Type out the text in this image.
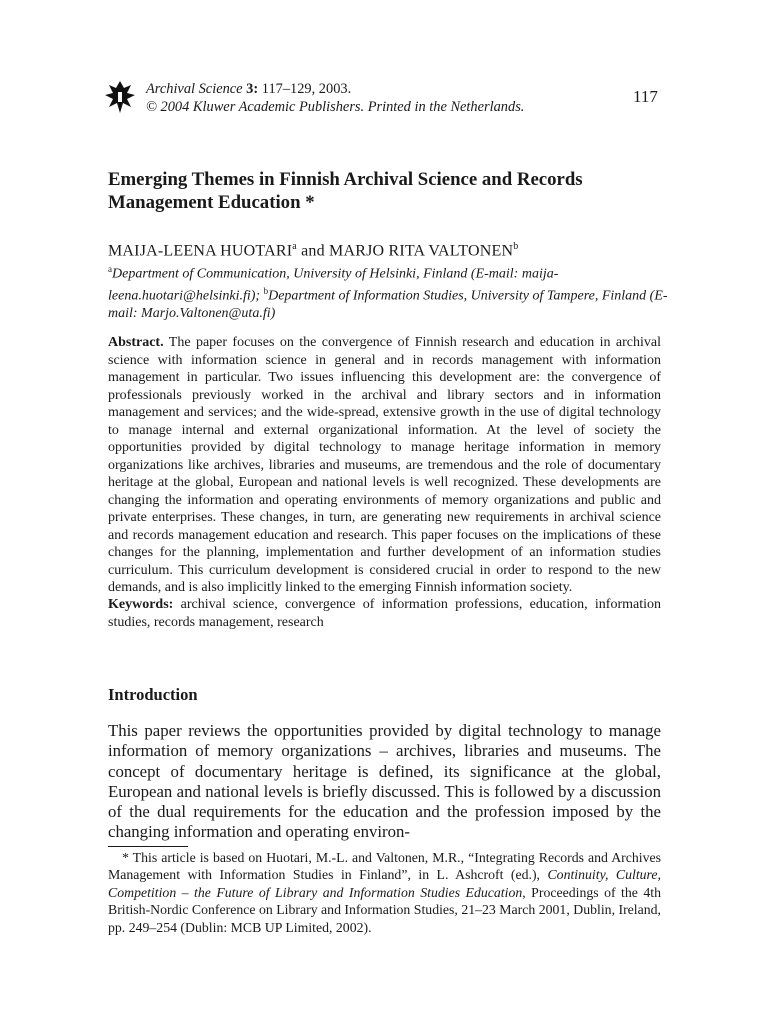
Archival Science 3: 117–129, 2003.
© 2004 Kluwer Academic Publishers. Printed in the Netherlands.
117
Emerging Themes in Finnish Archival Science and Records Management Education *
MAIJA-LEENA HUOTARI$^a$ and MARJO RITA VALTONEN$^b$
$^a$Department of Communication, University of Helsinki, Finland (E-mail: maija-leena.huotari@helsinki.fi); $^b$Department of Information Studies, University of Tampere, Finland (E-mail: Marjo.Valtonen@uta.fi)
Abstract. The paper focuses on the convergence of Finnish research and education in archival science with information science in general and in records management with information management in particular. Two issues influencing this development are: the convergence of professionals previously worked in the archival and library sectors and in information management and services; and the wide-spread, extensive growth in the use of digital technology to manage internal and external organizational information. At the level of society the opportunities provided by digital technology to manage heritage information in memory organizations like archives, libraries and museums, are tremendous and the role of documentary heritage at the global, European and national levels is well recognized. These developments are changing the information and operating environments of memory organizations and public and private enterprises. These changes, in turn, are generating new requirements in archival science and records management education and research. This paper focuses on the implications of these changes for the planning, implementation and further development of an information studies curriculum. This curriculum development is considered crucial in order to respond to the new demands, and is also implicitly linked to the emerging Finnish information society.
Keywords: archival science, convergence of information professions, education, information studies, records management, research
Introduction
This paper reviews the opportunities provided by digital technology to manage information of memory organizations – archives, libraries and museums. The concept of documentary heritage is defined, its significance at the global, European and national levels is briefly discussed. This is followed by a discussion of the dual requirements for the education and the profession imposed by the changing information and operating environ-
* This article is based on Huotari, M.-L. and Valtonen, M.R., “Integrating Records and Archives Management with Information Studies in Finland”, in L. Ashcroft (ed.), Continuity, Culture, Competition – the Future of Library and Information Studies Education, Proceedings of the 4th British-Nordic Conference on Library and Information Studies, 21–23 March 2001, Dublin, Ireland, pp. 249–254 (Dublin: MCB UP Limited, 2002).
